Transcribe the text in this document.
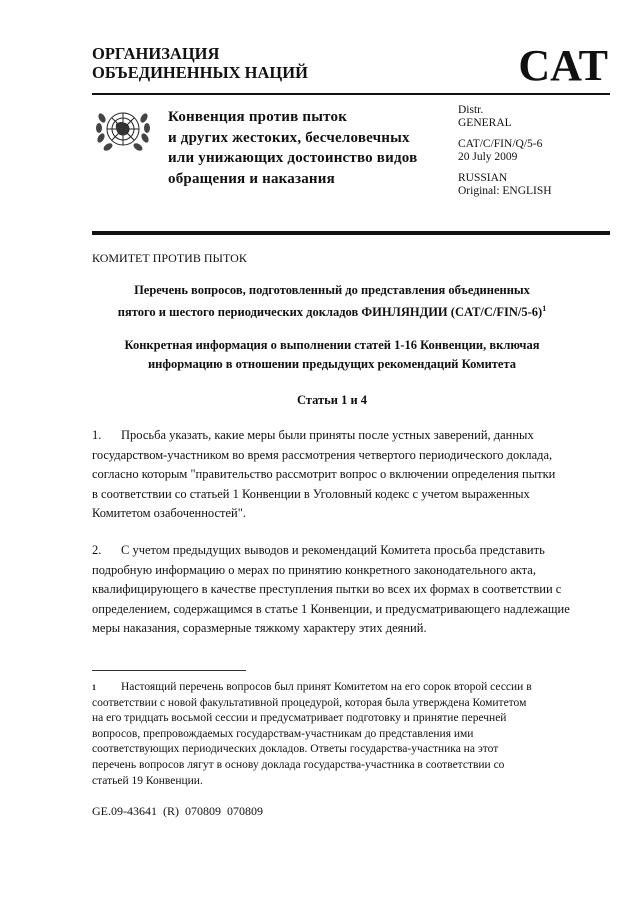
ОРГАНИЗАЦИЯ
ОБЪЕДИНЕННЫХ НАЦИЙ	CAT
Конвенция против пыток
и других жестоких, бесчеловечных
или унижающих достоинство видов
обращения и наказания
Distr.
GENERAL
CAT/C/FIN/Q/5-6
20 July 2009
RUSSIAN
Original: ENGLISH
КОМИТЕТ ПРОТИВ ПЫТОК
Перечень вопросов, подготовленный до представления объединенных
пятого и шестого периодических докладов ФИНЛЯНДИИ $(CAT/C/FIN/5-6)^1$
Конкретная информация о выполнении статей 1-16 Конвенции, включая
информацию в отношении предыдущих рекомендаций Комитета
Статьи 1 и 4
1. Просьба указать, какие меры были приняты после устных заверений, данных
государством-участником во время рассмотрения четвертого периодического доклада,
согласно которым "правительство рассмотрит вопрос о включении определения пытки
в соответствии со статьей 1 Конвенции в Уголовный кодекс с учетом выраженных
Комитетом озабоченностей".
2. С учетом предыдущих выводов и рекомендаций Комитета просьба представить
подробную информацию о мерах по принятию конкретного законодательного акта,
квалифицирующего в качестве преступления пытки во всех их формах в соответствии с
определением, содержащимся в статье 1 Конвенции, и предусматривающего надлежащие
меры наказания, соразмерные тяжкому характеру этих деяний.
1 Настоящий перечень вопросов был принят Комитетом на его сорок второй сессии в
соответствии с новой факультативной процедурой, которая была утверждена Комитетом
на его тридцать восьмой сессии и предусматривает подготовку и принятие перечней
вопросов, препровождаемых государствам-участникам до представления ими
соответствующих периодических докладов. Ответы государства-участника на этот
перечень вопросов лягут в основу доклада государства-участника в соответствии со
статьей 19 Конвенции.
GE.09-43641 (R) 070809 070809
